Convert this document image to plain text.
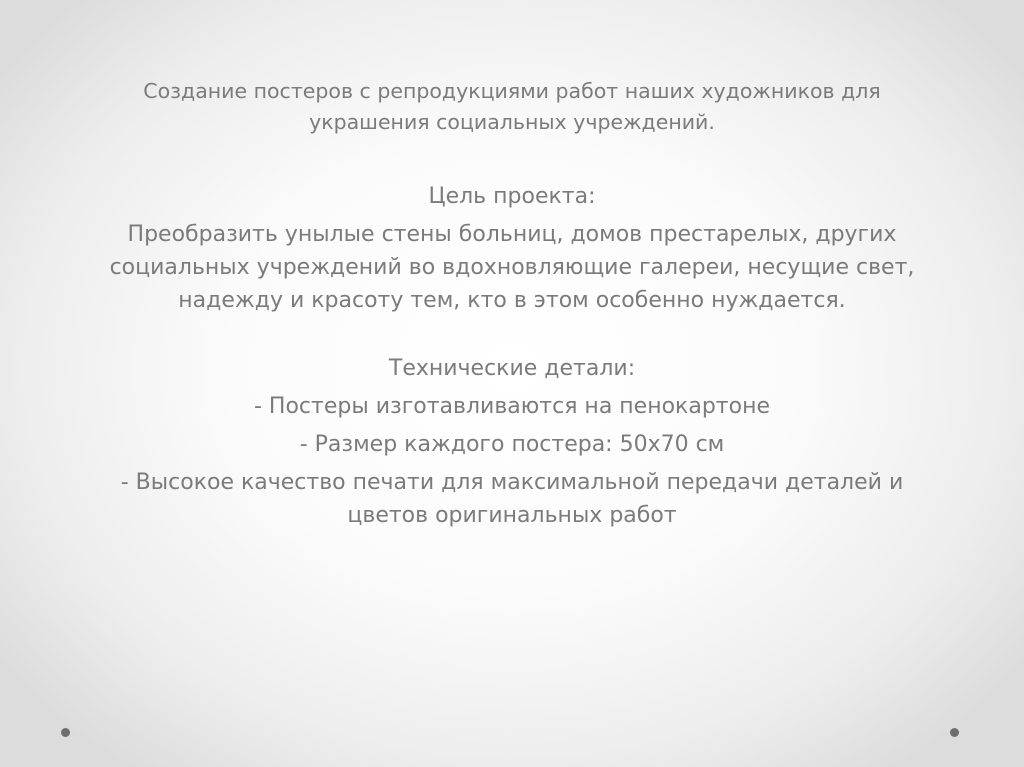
Создание постеров с репродукциями работ наших художников для
украшения социальных учреждений.

Цель проекта:
Преобразить унылые стены больниц, домов престарелых, других
социальных учреждений во вдохновляющие галереи, несущие свет,
надежду и красоту тем, кто в этом особенно нуждается.
Технические детали:
- Постеры изготавливаются на пенокартоне
- Размер каждого постера: 50х70 см
- Высокое качество печати для максимальной передачи деталей и
цветов оригинальных работ
